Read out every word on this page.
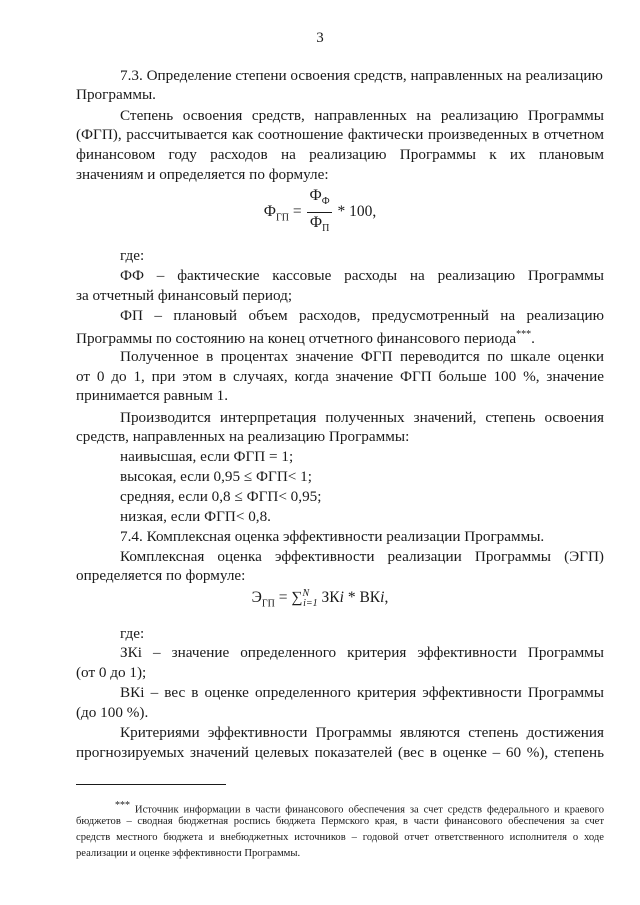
3
7.3. Определение степени освоения средств, направленных на реализацию
Программы.
Степень освоения средств, направленных на реализацию Программы
(ФГП), рассчитывается как соотношение фактически произведенных в отчетном
финансовом году расходов на реализацию Программы к их плановым
значениям и определяется по формуле:
$Ф_{ГП} = \frac{Ф_Ф}{Ф_П} * 100$,
где:
ФФ – фактические кассовые расходы на реализацию Программы
за отчетный финансовый период;
ФП – плановый объем расходов, предусмотренный на реализацию
Программы по состоянию на конец отчетного финансового периода***.
Полученное в процентах значение ФГП переводится по шкале оценки
от 0 до 1, при этом в случаях, когда значение ФГП больше 100 %, значение
принимается равным 1.
Производится интерпретация полученных значений, степень освоения
средств, направленных на реализацию Программы:
наивысшая, если ФГП = 1;
высокая, если 0,95 ≤ ФГП< 1;
средняя, если 0,8 ≤ ФГП< 0,95;
низкая, если ФГП< 0,8.
7.4. Комплексная оценка эффективности реализации Программы.
Комплексная оценка эффективности реализации Программы (ЭГП)
определяется по формуле:
$Э_{ГП} = \sum^N_{i=1}$ ЗКi * ВКi,
где:
ЗКi – значение определенного критерия эффективности Программы
(от 0 до 1);
ВКi – вес в оценке определенного критерия эффективности Программы
(до 100 %).
Критериями эффективности Программы являются степень достижения
прогнозируемых значений целевых показателей (вес в оценке – 60 %), степень
*** Источник информации в части финансового обеспечения за счет средств федерального и краевого
бюджетов – сводная бюджетная роспись бюджета Пермского края, в части финансового обеспечения за счет
средств местного бюджета и внебюджетных источников – годовой отчет ответственного исполнителя о ходе
реализации и оценке эффективности Программы.
